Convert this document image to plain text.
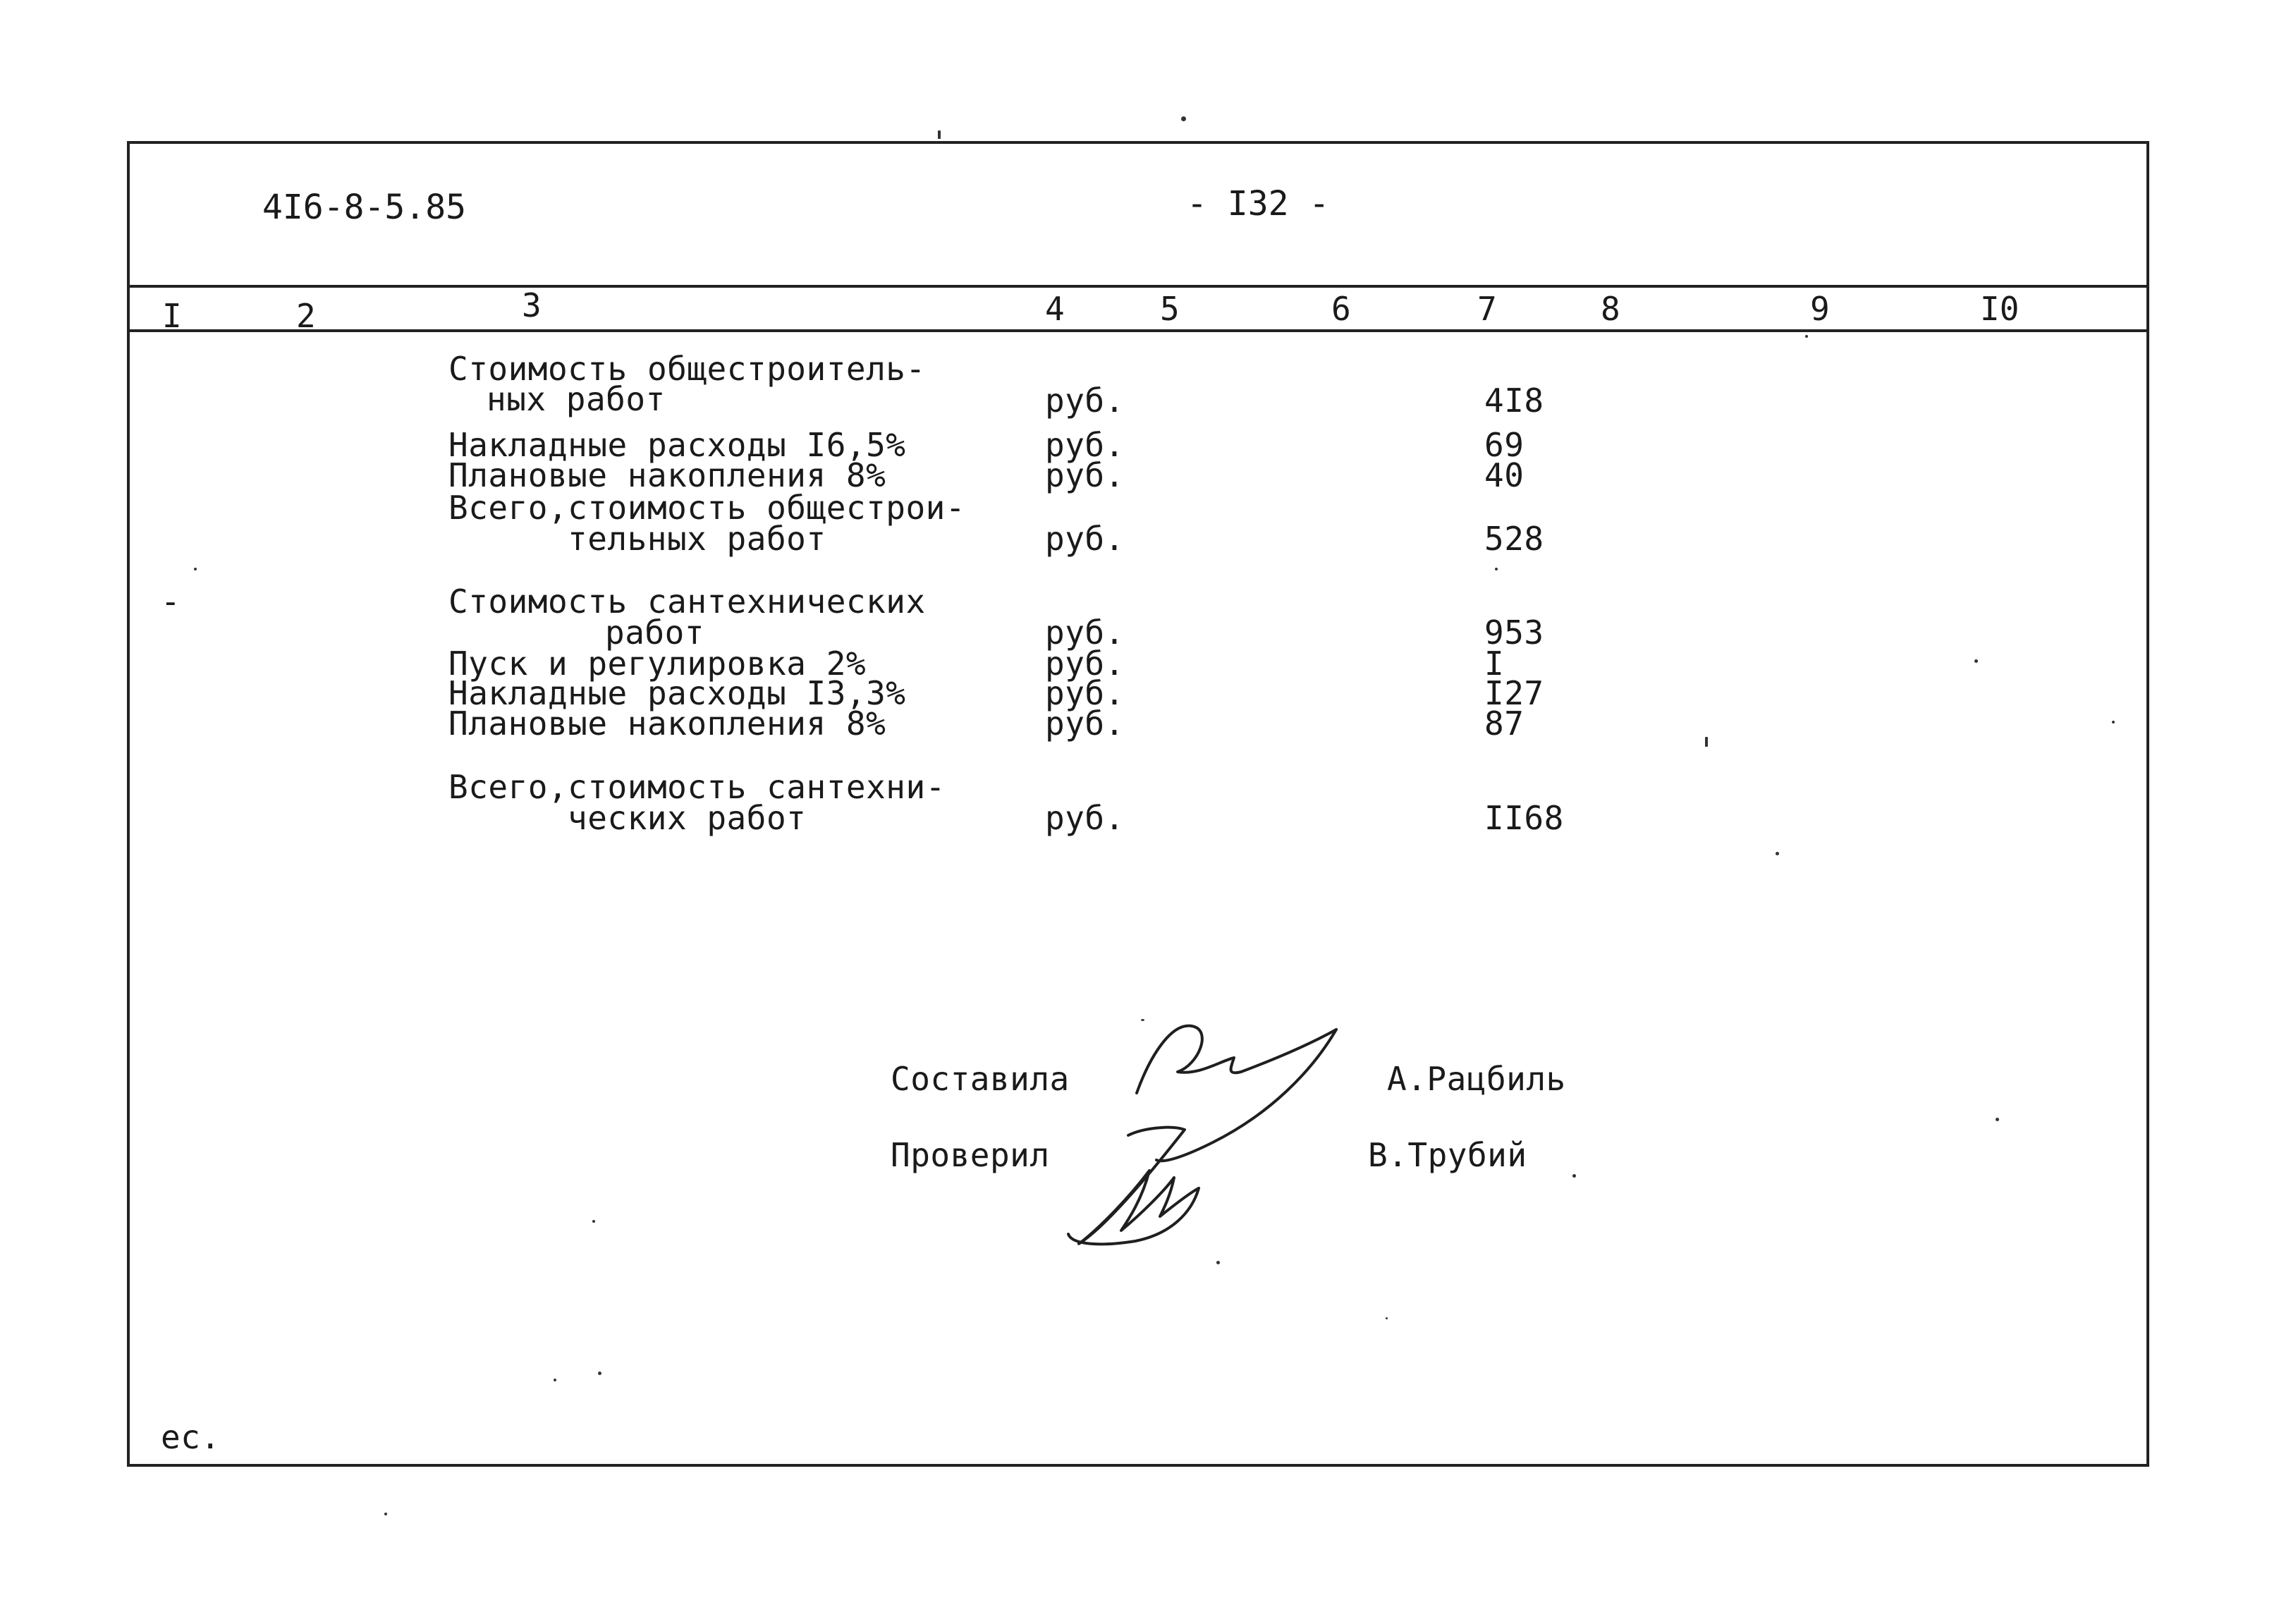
4I6-8-5.85	- I32 -
I	2	3	4	5	6	7	8	9	I0
Стоимость общестроитель-
ных работ	руб.	4I8
Накладные расходы I6,5%	руб.	69
Плановые накопления 8%	руб.	40
Всего,стоимость общестрои-
тельных работ	руб.	528
-	Стоимость сантехнических
работ	руб.	953
Пуск и регулировка 2%	руб.	I
Накладные расходы I3,3%	руб.	I27
Плановые накопления 8%	руб.	87
Всего,стоимость сантехни-
ческих работ	руб.	II68
Составила	А.Рацбиль
Проверил	В.Трубий
ес.
